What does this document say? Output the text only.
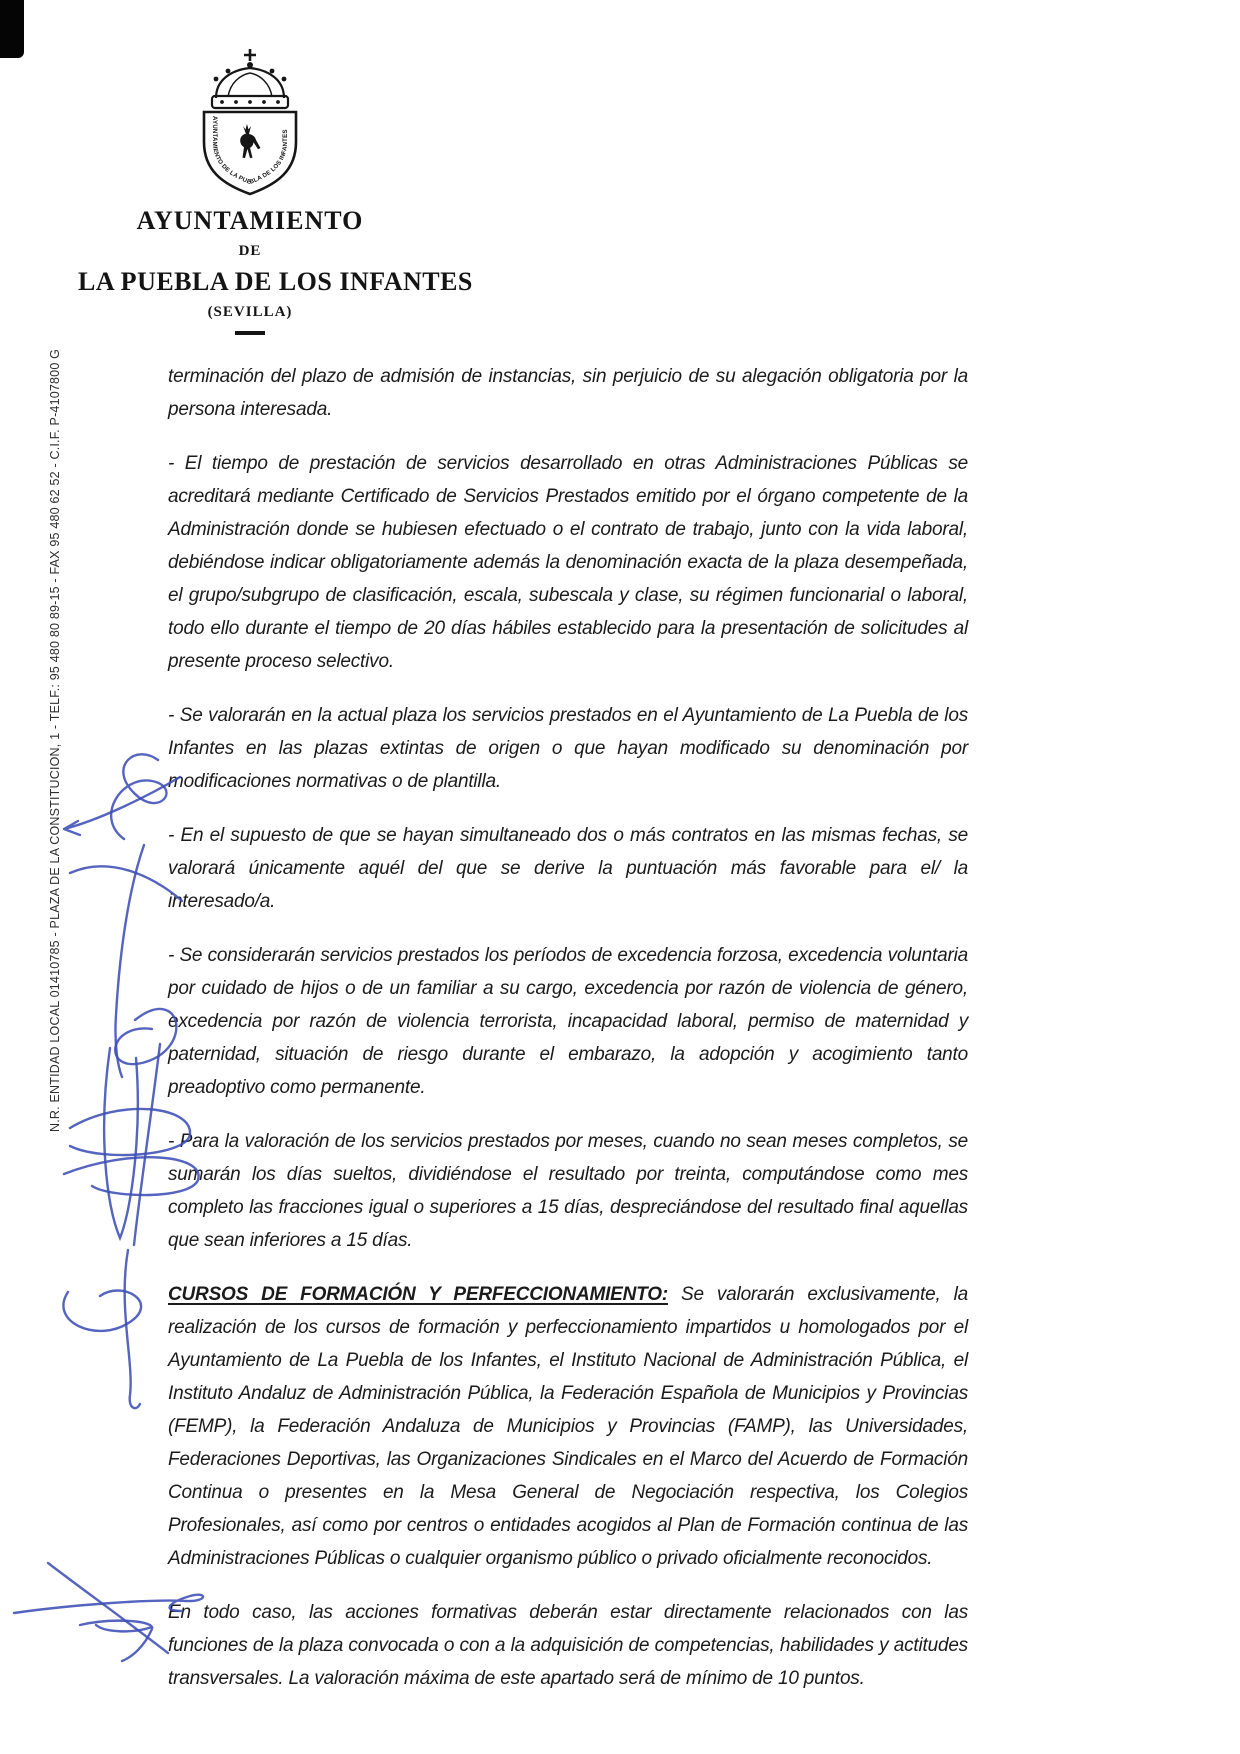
AYUNTAMIENTO DE LA PUEBLA DE LOS INFANTES
AYUNTAMIENTO
DE
LA PUEBLA DE LOS INFANTES
(SEVILLA)
N.R. ENTIDAD LOCAL 01410785 - PLAZA DE LA CONSTITUCION, 1 - TELF.: 95 480 80 89-15 - FAX 95 480 62 52 - C.I.F. P-4107800 G	terminación del plazo de admisión de instancias, sin perjuicio de su alegación obligatoria por la persona interesada.

- El tiempo de prestación de servicios desarrollado en otras Administraciones Públicas se acreditará mediante Certificado de Servicios Prestados emitido por el órgano competente de la Administración donde se hubiesen efectuado o el contrato de trabajo, junto con la vida laboral, debiéndose indicar obligatoriamente además la denominación exacta de la plaza desempeñada, el grupo/subgrupo de clasificación, escala, subescala y clase, su régimen funcionarial o laboral, todo ello durante el tiempo de 20 días hábiles establecido para la presentación de solicitudes al presente proceso selectivo.

- Se valorarán en la actual plaza los servicios prestados en el Ayuntamiento de La Puebla de los Infantes en las plazas extintas de origen o que hayan modificado su denominación por modificaciones normativas o de plantilla.

- En el supuesto de que se hayan simultaneado dos o más contratos en las mismas fechas, se valorará únicamente aquél del que se derive la puntuación más favorable para el/ la interesado/a.

- Se considerarán servicios prestados los períodos de excedencia forzosa, excedencia voluntaria por cuidado de hijos o de un familiar a su cargo, excedencia por razón de violencia de género, excedencia por razón de violencia terrorista, incapacidad laboral, permiso de maternidad y paternidad, situación de riesgo durante el embarazo, la adopción y acogimiento tanto preadoptivo como permanente.

- Para la valoración de los servicios prestados por meses, cuando no sean meses completos, se sumarán los días sueltos, dividiéndose el resultado por treinta, computándose como mes completo las fracciones igual o superiores a 15 días, despreciándose del resultado final aquellas que sean inferiores a 15 días.

CURSOS DE FORMACIÓN Y PERFECCIONAMIENTO: Se valorarán exclusivamente, la realización de los cursos de formación y perfeccionamiento impartidos u homologados por el Ayuntamiento de La Puebla de los Infantes, el Instituto Nacional de Administración Pública, el Instituto Andaluz de Administración Pública, la Federación Española de Municipios y Provincias (FEMP), la Federación Andaluza de Municipios y Provincias (FAMP), las Universidades, Federaciones Deportivas, las Organizaciones Sindicales en el Marco del Acuerdo de Formación Continua o presentes en la Mesa General de Negociación respectiva, los Colegios Profesionales, así como por centros o entidades acogidos al Plan de Formación continua de las Administraciones Públicas o cualquier organismo público o privado oficialmente reconocidos.

En todo caso, las acciones formativas deberán estar directamente relacionados con las funciones de la plaza convocada o con a la adquisición de competencias, habilidades y actitudes transversales. La valoración máxima de este apartado será de mínimo de 10 puntos.
